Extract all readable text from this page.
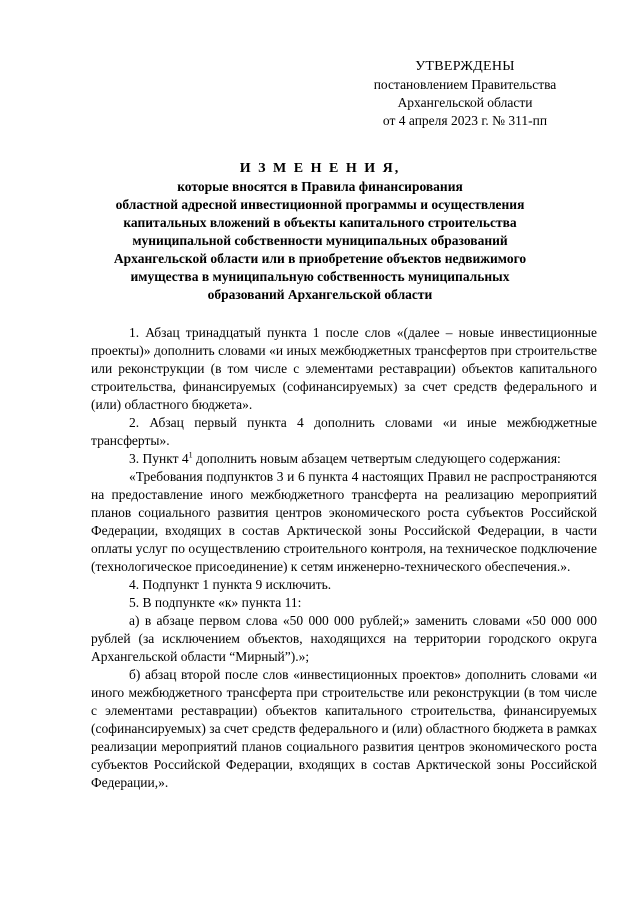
УТВЕРЖДЕНЫ
постановлением Правительства
Архангельской области
от 4 апреля 2023 г. № 311-пп
И З М Е Н Е Н И Я,
которые вносятся в Правила финансирования
областной адресной инвестиционной программы и осуществления
капитальных вложений в объекты капитального строительства
муниципальной собственности муниципальных образований
Архангельской области или в приобретение объектов недвижимого
имущества в муниципальную собственность муниципальных
образований Архангельской области

1. Абзац тринадцатый пункта 1 после слов «(далее – новые инвестиционные проекты)» дополнить словами «и иных межбюджетных трансфертов при строительстве или реконструкции (в том числе с элементами реставрации) объектов капитального строительства, финансируемых (софинансируемых) за счет средств федерального и (или) областного бюджета».

2. Абзац первый пункта 4 дополнить словами «и иные межбюджетные трансферты».

3. Пункт $4^1$ дополнить новым абзацем четвертым следующего содержания:

«Требования подпунктов 3 и 6 пункта 4 настоящих Правил не распространяются на предоставление иного межбюджетного трансферта на реализацию мероприятий планов социального развития центров экономического роста субъектов Российской Федерации, входящих в состав Арктической зоны Российской Федерации, в части оплаты услуг по осуществлению строительного контроля, на техническое подключение (технологическое присоединение) к сетям инженерно-технического обеспечения.».

4. Подпункт 1 пункта 9 исключить.

5. В подпункте «к» пункта 11:

а) в абзаце первом слова «50 000 000 рублей;» заменить словами «50 000 000 рублей (за исключением объектов, находящихся на территории городского округа Архангельской области “Мирный”).»;

б) абзац второй после слов «инвестиционных проектов» дополнить словами «и иного межбюджетного трансферта при строительстве или реконструкции (в том числе с элементами реставрации) объектов капитального строительства, финансируемых (софинансируемых) за счет средств федерального и (или) областного бюджета в рамках реализации мероприятий планов социального развития центров экономического роста субъектов Российской Федерации, входящих в состав Арктической зоны Российской Федерации,».
